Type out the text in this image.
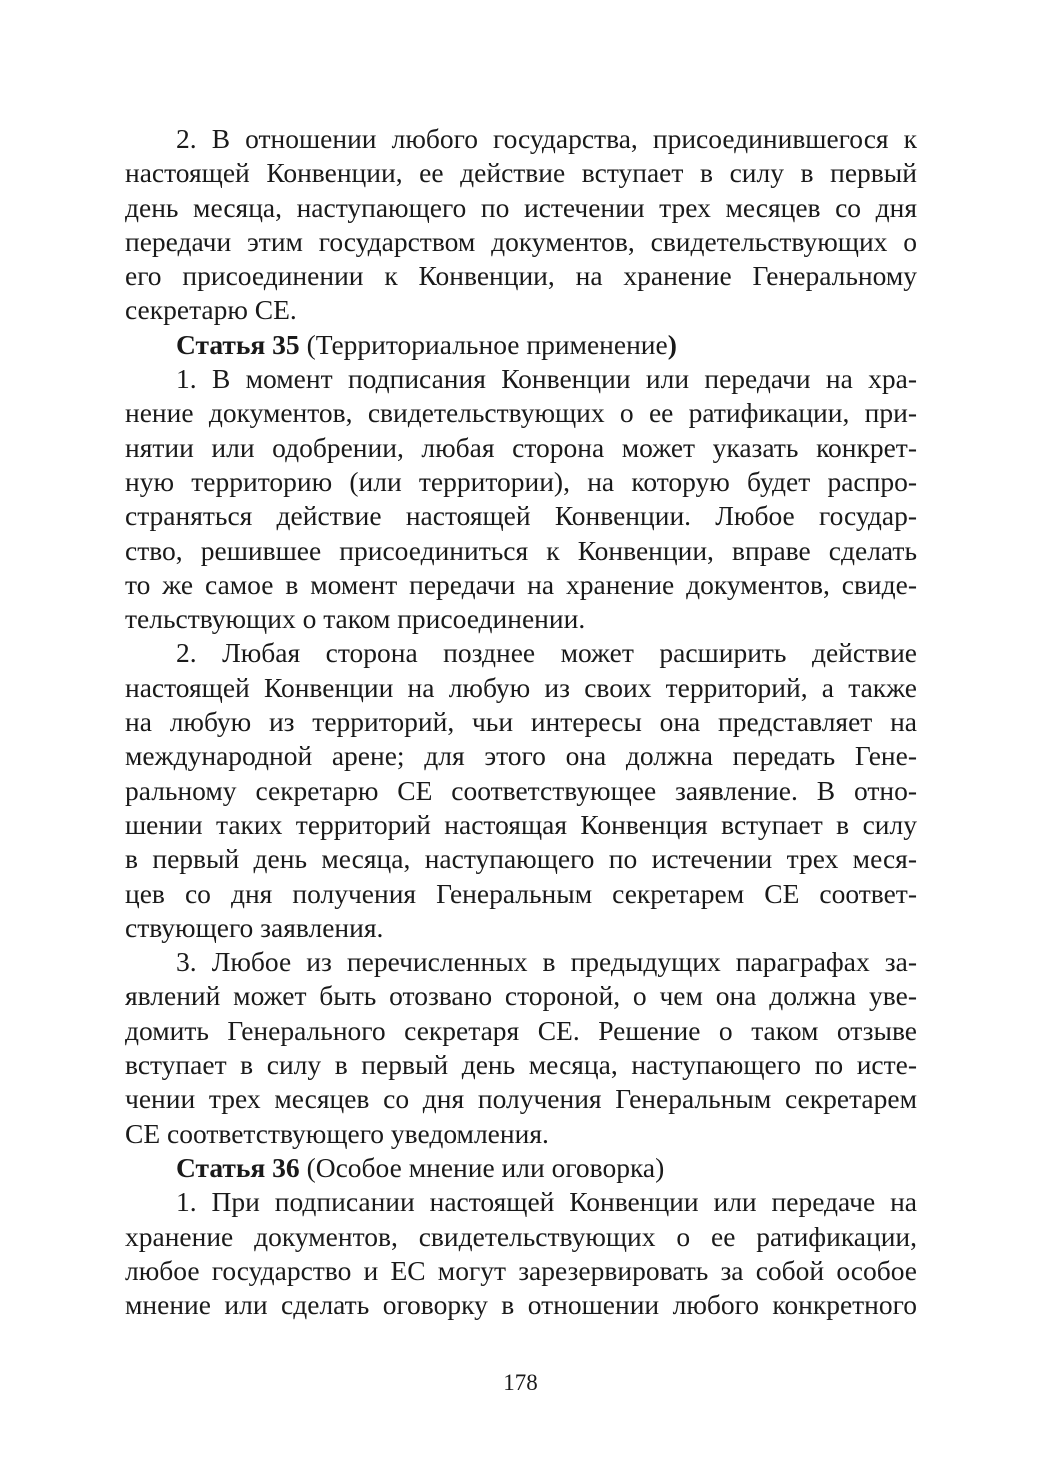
2. В отношении любого государства, присоединившегося к
настоящей Конвенции, ее действие вступает в силу в первый
день месяца, наступающего по истечении трех месяцев со дня
передачи этим государством документов, свидетельствующих о
его присоединении к Конвенции, на хранение Генеральному
секретарю СЕ.
Статья 35 (Территориальное применение)
1. В момент подписания Конвенции или передачи на хра-
нение документов, свидетельствующих о ее ратификации, при-
нятии или одобрении, любая сторона может указать конкрет-
ную территорию (или территории), на которую будет распро-
страняться действие настоящей Конвенции. Любое государ-
ство, решившее присоединиться к Конвенции, вправе сделать
то же самое в момент передачи на хранение документов, свиде-
тельствующих о таком присоединении.
2. Любая сторона позднее может расширить действие
настоящей Конвенции на любую из своих территорий, а также
на любую из территорий, чьи интересы она представляет на
международной арене; для этого она должна передать Гене-
ральному секретарю СЕ соответствующее заявление. В отно-
шении таких территорий настоящая Конвенция вступает в силу
в первый день месяца, наступающего по истечении трех меся-
цев со дня получения Генеральным секретарем СЕ соответ-
ствующего заявления.
3. Любое из перечисленных в предыдущих параграфах за-
явлений может быть отозвано стороной, о чем она должна уве-
домить Генерального секретаря СЕ. Решение о таком отзыве
вступает в силу в первый день месяца, наступающего по исте-
чении трех месяцев со дня получения Генеральным секретарем
СЕ соответствующего уведомления.
Статья 36 (Особое мнение или оговорка)
1. При подписании настоящей Конвенции или передаче на
хранение документов, свидетельствующих о ее ратификации,
любое государство и ЕС могут зарезервировать за собой особое
мнение или сделать оговорку в отношении любого конкретного
178
